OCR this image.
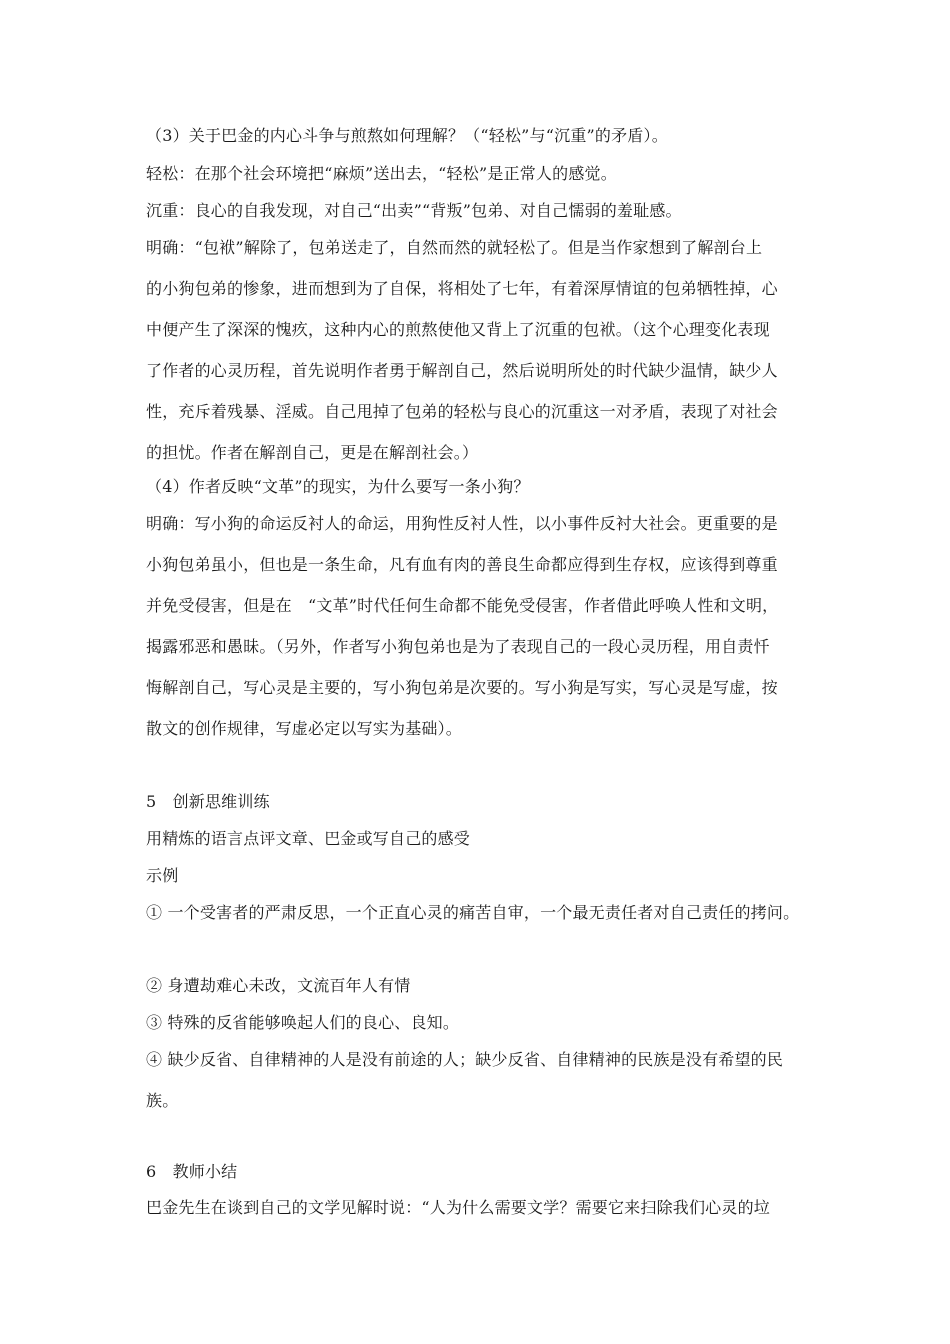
（3）关于巴金的内心斗争与煎熬如何理解？（“轻松”与“沉重”的矛盾）。
轻松：在那个社会环境把“麻烦”送出去，“轻松”是正常人的感觉。
沉重：良心的自我发现，对自己“出卖”“背叛”包弟、对自己懦弱的羞耻感。
明确：“包袱”解除了，包弟送走了，自然而然的就轻松了。但是当作家想到了解剖台上
的小狗包弟的惨象，进而想到为了自保，将相处了七年，有着深厚情谊的包弟牺牲掉，心
中便产生了深深的愧疚，这种内心的煎熬使他又背上了沉重的包袱。（这个心理变化表现
了作者的心灵历程，首先说明作者勇于解剖自己，然后说明所处的时代缺少温情，缺少人
性，充斥着残暴、淫威。自己甩掉了包弟的轻松与良心的沉重这一对矛盾，表现了对社会
的担忧。作者在解剖自己，更是在解剖社会。）
（4）作者反映“文革”的现实，为什么要写一条小狗？
明确：写小狗的命运反衬人的命运，用狗性反衬人性，以小事件反衬大社会。更重要的是
小狗包弟虽小，但也是一条生命，凡有血有肉的善良生命都应得到生存权，应该得到尊重
并免受侵害，但是在　“文革”时代任何生命都不能免受侵害，作者借此呼唤人性和文明，
揭露邪恶和愚昧。（另外，作者写小狗包弟也是为了表现自己的一段心灵历程，用自责忏
悔解剖自己，写心灵是主要的，写小狗包弟是次要的。写小狗是写实，写心灵是写虚，按
散文的创作规律，写虚必定以写实为基础）。
5　创新思维训练
用精炼的语言点评文章、巴金或写自己的感受
示例
① 一个受害者的严肃反思，一个正直心灵的痛苦自审，一个最无责任者对自己责任的拷问。
② 身遭劫难心未改，文流百年人有情
③ 特殊的反省能够唤起人们的良心、良知。
④ 缺少反省、自律精神的人是没有前途的人；缺少反省、自律精神的民族是没有希望的民
族。
6　教师小结
巴金先生在谈到自己的文学见解时说：“人为什么需要文学？需要它来扫除我们心灵的垃
